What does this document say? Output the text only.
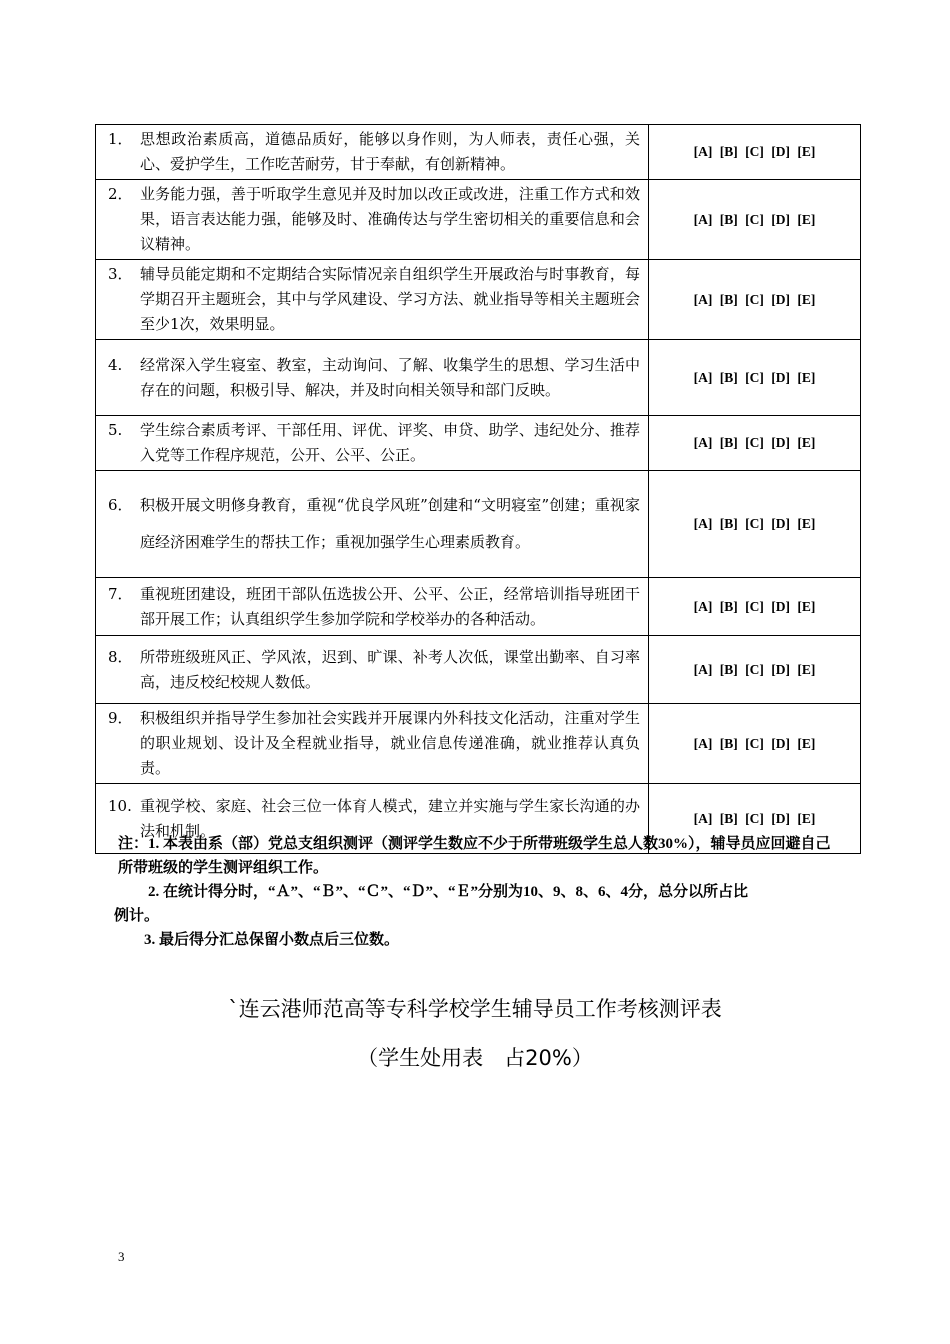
1． 思想政治素质高，道德品质好，能够以身作则，为人师表，责任心强，关心、爱护学生，工作吃苦耐劳，甘于奉献，有创新精神。	[A] [B] [C] [D] [E]

2． 业务能力强，善于听取学生意见并及时加以改正或改进，注重工作方式和效果，语言表达能力强，能够及时、准确传达与学生密切相关的重要信息和会议精神。	[A] [B] [C] [D] [E]

3． 辅导员能定期和不定期结合实际情况亲自组织学生开展政治与时事教育，每学期召开主题班会，其中与学风建设、学习方法、就业指导等相关主题班会至少1次，效果明显。	[A] [B] [C] [D] [E]

4. 经常深入学生寝室、教室，主动询问、了解、收集学生的思想、学习生活中存在的问题，积极引导、解决，并及时向相关领导和部门反映。	[A] [B] [C] [D] [E]

5. 学生综合素质考评、干部任用、评优、评奖、申贷、助学、违纪处分、推荐入党等工作程序规范，公开、公平、公正。	[A] [B] [C] [D] [E]

6． 积极开展文明修身教育，重视“优良学风班”创建和“文明寝室”创建；重视家庭经济困难学生的帮扶工作；重视加强学生心理素质教育。	[A] [B] [C] [D] [E]

7． 重视班团建设，班团干部队伍选拔公开、公平、公正，经常培训指导班团干部开展工作；认真组织学生参加学院和学校举办的各种活动。	[A] [B] [C] [D] [E]

8． 所带班级班风正、学风浓，迟到、旷课、补考人次低，课堂出勤率、自习率高，违反校纪校规人数低。	[A] [B] [C] [D] [E]

9． 积极组织并指导学生参加社会实践并开展课内外科技文化活动，注重对学生的职业规划、设计及全程就业指导，就业信息传递准确，就业推荐认真负责。	[A] [B] [C] [D] [E]

10. 重视学校、家庭、社会三位一体育人模式，建立并实施与学生家长沟通的办法和机制。	[A] [B] [C] [D] [E]

注：1. 本表由系（部）党总支组织测评（测评学生数应不少于所带班级学生总人数30%），辅导员应回避自己所带班级的学生测评组织工作。

2. 在统计得分时，“Ａ”、“Ｂ”、“Ｃ”、“Ｄ”、“Ｅ”分别为10、9、8、6、4分，总分以所占比

例计。

3. 最后得分汇总保留小数点后三位数。

`连云港师范高等专科学校学生辅导员工作考核测评表
（学生处用表　占20%）
3
